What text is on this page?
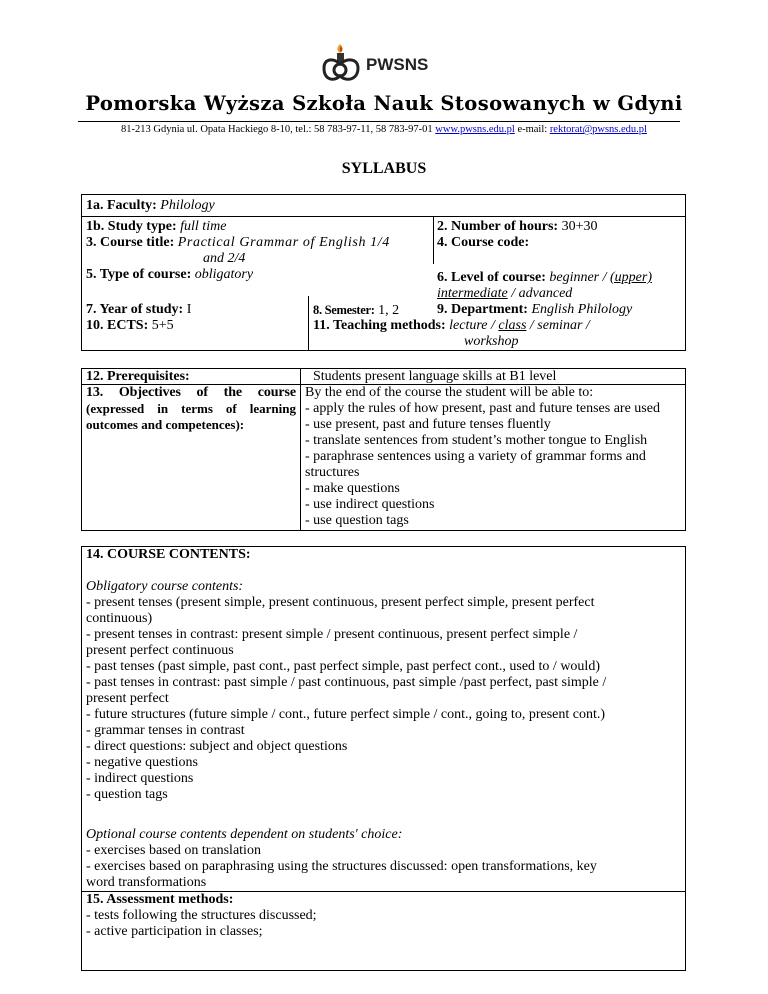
PWSNS
Pomorska Wyższa Szkoła Nauk Stosowanych w Gdyni
81-213 Gdynia ul. Opata Hackiego 8-10, tel.: 58 783-97-11, 58 783-97-01 www.pwsns.edu.pl e-mail: rektorat@pwsns.edu.pl
SYLLABUS
1a. Faculty: Philology
1b. Study type: full time	2. Number of hours: 30+30
3. Course title: Practical Grammar of English 1/4
and 2/4
4. Course code:
5. Type of course: obligatory	6. Level of course: beginner / (upper)
intermediate / advanced
7. Year of study: I	8. Semester: 1, 2	9. Department: English Philology
10. ECTS: 5+5	11. Teaching methods: lecture / class / seminar /
workshop
12. Prerequisites:	Students present language skills at B1 level
13. Objectives of the course
(expressed in terms of learning
outcomes and competences):
By the end of the course the student will be able to:
- apply the rules of how present, past and future tenses are used
- use present, past and future tenses fluently
- translate sentences from student’s mother tongue to English
- paraphrase sentences using a variety of grammar forms and
structures
- make questions
- use indirect questions
- use question tags
14. COURSE CONTENTS:
Obligatory course contents:
- present tenses (present simple, present continuous, present perfect simple, present perfect
continuous)
- present tenses in contrast: present simple / present continuous, present perfect simple /
present perfect continuous
- past tenses (past simple, past cont., past perfect simple, past perfect cont., used to / would)
- past tenses in contrast: past simple / past continuous, past simple /past perfect, past simple /
present perfect
- future structures (future simple / cont., future perfect simple / cont., going to, present cont.)
- grammar tenses in contrast
- direct questions: subject and object questions
- negative questions
- indirect questions
- question tags
Optional course contents dependent on students' choice:
- exercises based on translation
- exercises based on paraphrasing using the structures discussed: open transformations, key
word transformations
15. Assessment methods:
- tests following the structures discussed;
- active participation in classes;
